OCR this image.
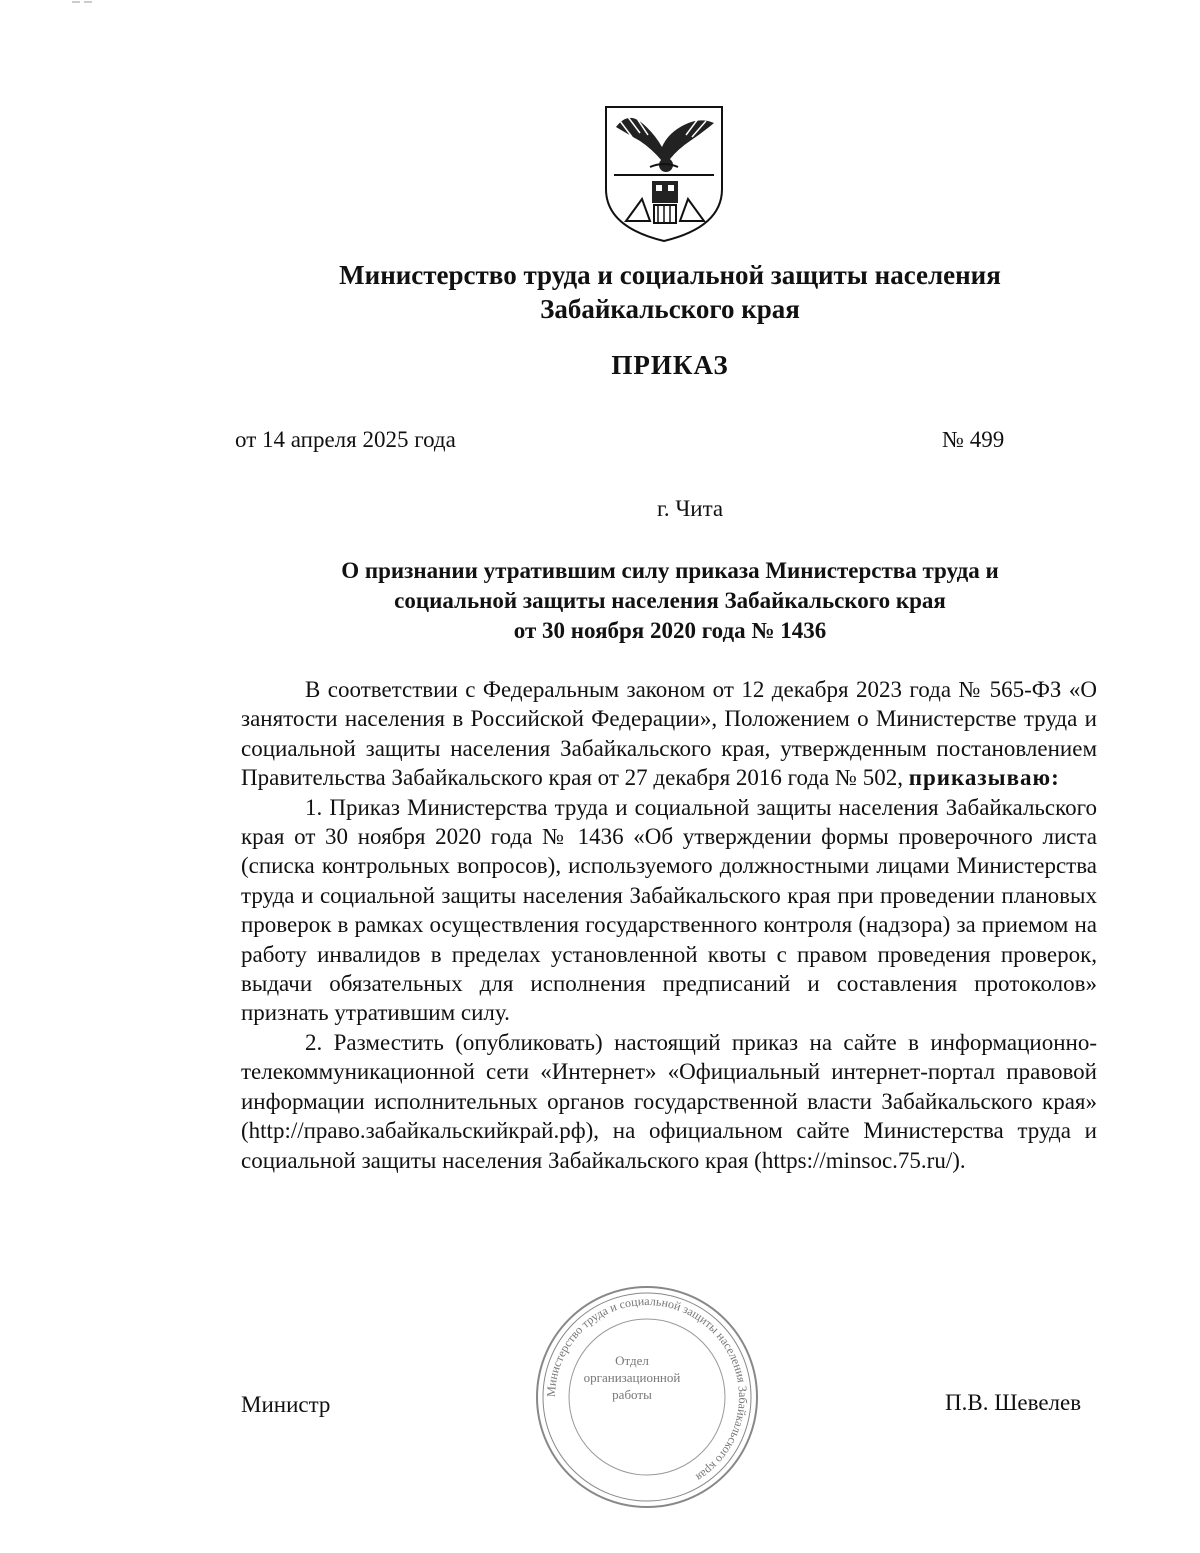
Министерство труда и социальной защиты населения
Забайкальского края
ПРИКАЗ
от 14 апреля 2025 года	№ 499
г. Чита
О признании утратившим силу приказа Министерства труда и
социальной защиты населения Забайкальского края
от 30 ноября 2020 года № 1436

В соответствии с Федеральным законом от 12 декабря 2023 года № 565-ФЗ «О занятости населения в Российской Федерации», Положением о Министерстве труда и социальной защиты населения Забайкальского края, утвержденным постановлением Правительства Забайкальского края от 27 декабря 2016 года № 502, приказываю:

1. Приказ Министерства труда и социальной защиты населения Забайкальского края от 30 ноября 2020 года № 1436 «Об утверждении формы проверочного листа (списка контрольных вопросов), используемого должностными лицами Министерства труда и социальной защиты населения Забайкальского края при проведении плановых проверок в рамках осуществления государственного контроля (надзора) за приемом на работу инвалидов в пределах установленной квоты с правом проведения проверок, выдачи обязательных для исполнения предписаний и составления протоколов» признать утратившим силу.

2. Разместить (опубликовать) настоящий приказ на сайте в информационно-телекоммуникационной сети «Интернет» «Официальный интернет-портал правовой информации исполнительных органов государственной власти Забайкальского края» (http://право.забайкальскийкрай.рф), на официальном сайте Министерства труда и социальной защиты населения Забайкальского края (https://minsoc.75.ru/).

Министерство труда и социальной защиты населения Забайкальского края
Отдел
организационной
работы
Министр	П.В. Шевелев
